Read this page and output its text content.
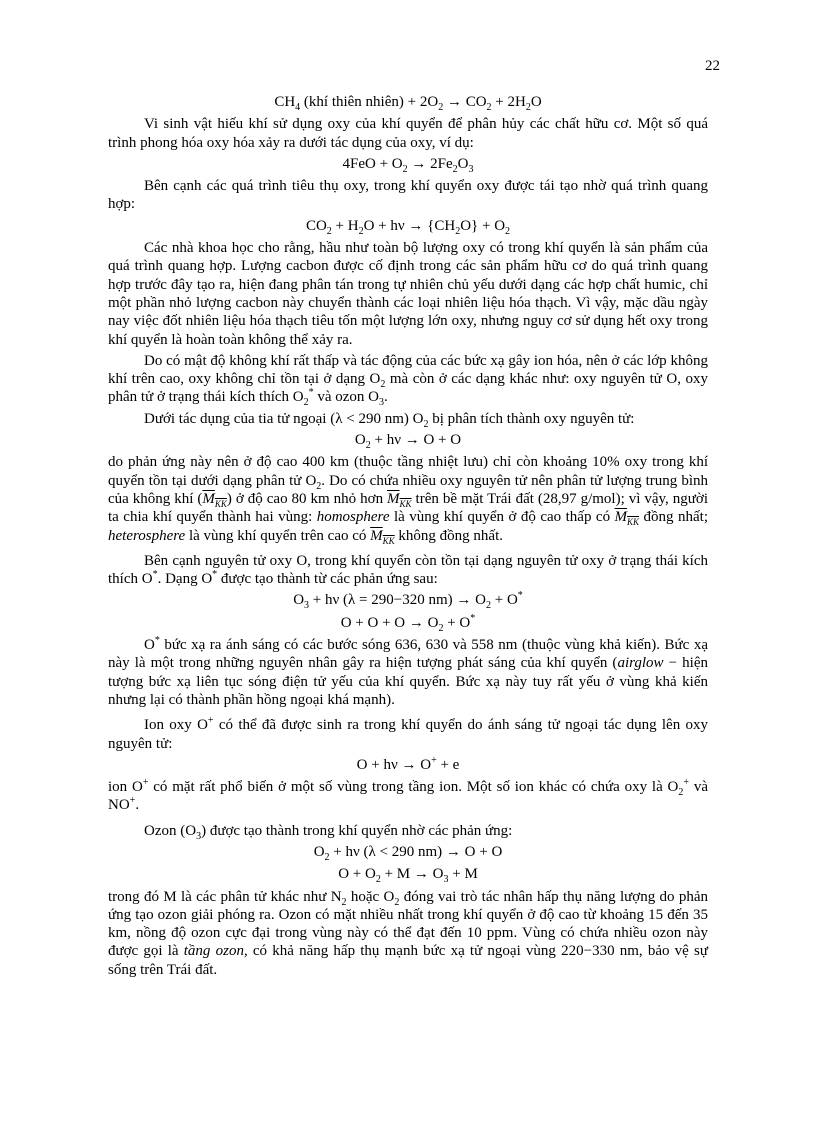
22
$CH_4$ (khí thiên nhiên) + $2O_2 \to CO_2 + 2H_2O$

Vi sinh vật hiếu khí sử dụng oxy của khí quyển để phân hủy các chất hữu cơ. Một số quá trình phong hóa oxy hóa xảy ra dưới tác dụng của oxy, ví dụ:

$4FeO + O_2 \to 2Fe_2O_3$

Bên cạnh các quá trình tiêu thụ oxy, trong khí quyển oxy được tái tạo nhờ quá trình quang hợp:

$CO_2 + H_2O + h\nu \to \{CH_2O\} + O_2$

Các nhà khoa học cho rằng, hầu như toàn bộ lượng oxy có trong khí quyển là sản phẩm của quá trình quang hợp. Lượng cacbon được cố định trong các sản phẩm hữu cơ do quá trình quang hợp trước đây tạo ra, hiện đang phân tán trong tự nhiên chủ yếu dưới dạng các hợp chất humic, chỉ một phần nhỏ lượng cacbon này chuyển thành các loại nhiên liệu hóa thạch. Vì vậy, mặc dầu ngày nay việc đốt nhiên liệu hóa thạch tiêu tốn một lượng lớn oxy, nhưng nguy cơ sử dụng hết oxy trong khí quyển là hoàn toàn không thể xảy ra.

Do có mật độ không khí rất thấp và tác động của các bức xạ gây ion hóa, nên ở các lớp không khí trên cao, oxy không chỉ tồn tại ở dạng $O_2$ mà còn ở các dạng khác như: oxy nguyên tử O, oxy phân tử ở trạng thái kích thích $O_2^*$ và ozon $O_3$.

Dưới tác dụng của tia tử ngoại (λ < 290 nm) $O_2$ bị phân tích thành oxy nguyên tử:

$O_2 + h\nu \to O + O$

do phản ứng này nên ở độ cao 400 km (thuộc tầng nhiệt lưu) chỉ còn khoảng 10% oxy trong khí quyển tồn tại dưới dạng phân tử $O_2$. Do có chứa nhiều oxy nguyên tử nên phân tử lượng trung bình của không khí $(M_{KK})$ ở độ cao 80 km nhỏ hơn $M_{KK}$ trên bề mặt Trái đất (28,97 g/mol); vì vậy, người ta chia khí quyển thành hai vùng: homosphere là vùng khí quyển ở độ cao thấp có $M_{KK}$ đồng nhất; heterosphere là vùng khí quyển trên cao có $M_{KK}$ không đồng nhất.

Bên cạnh nguyên tử oxy O, trong khí quyển còn tồn tại dạng nguyên tử oxy ở trạng thái kích thích O*. Dạng O* được tạo thành từ các phản ứng sau:

$O_3 + h\nu$ (λ = 290−320 $nm) \to O_2 + O^*$
$O + O + O \to O_2 + O^*$

O* bức xạ ra ánh sáng có các bước sóng 636, 630 và 558 nm (thuộc vùng khả kiến). Bức xạ này là một trong những nguyên nhân gây ra hiện tượng phát sáng của khí quyển (airglow − hiện tượng bức xạ liên tục sóng điện tử yếu của khí quyển. Bức xạ này tuy rất yếu ở vùng khả kiến nhưng lại có thành phần hồng ngoại khá mạnh).

Ion oxy O+ có thể đã được sinh ra trong khí quyển do ánh sáng tử ngoại tác dụng lên oxy nguyên tử:

O + hν → O+ + e

ion O+ có mặt rất phổ biến ở một số vùng trong tầng ion. Một số ion khác có chứa oxy là $O_2^+$ và NO+.

Ozon $(O_3)$ được tạo thành trong khí quyển nhờ các phản ứng:

$O_2 + h\nu$ (λ < 290 nm) → O + O
$O + O_2 + M \to O_3 + M$

trong đó M là các phân tử khác như $N_2$ hoặc $O_2$ đóng vai trò tác nhân hấp thụ năng lượng do phản ứng tạo ozon giải phóng ra. Ozon có mặt nhiều nhất trong khí quyển ở độ cao từ khoảng 15 đến 35 km, nồng độ ozon cực đại trong vùng này có thể đạt đến 10 ppm. Vùng có chứa nhiều ozon này được gọi là tầng ozon, có khả năng hấp thụ mạnh bức xạ tử ngoại vùng 220−330 nm, bảo vệ sự sống trên Trái đất.
